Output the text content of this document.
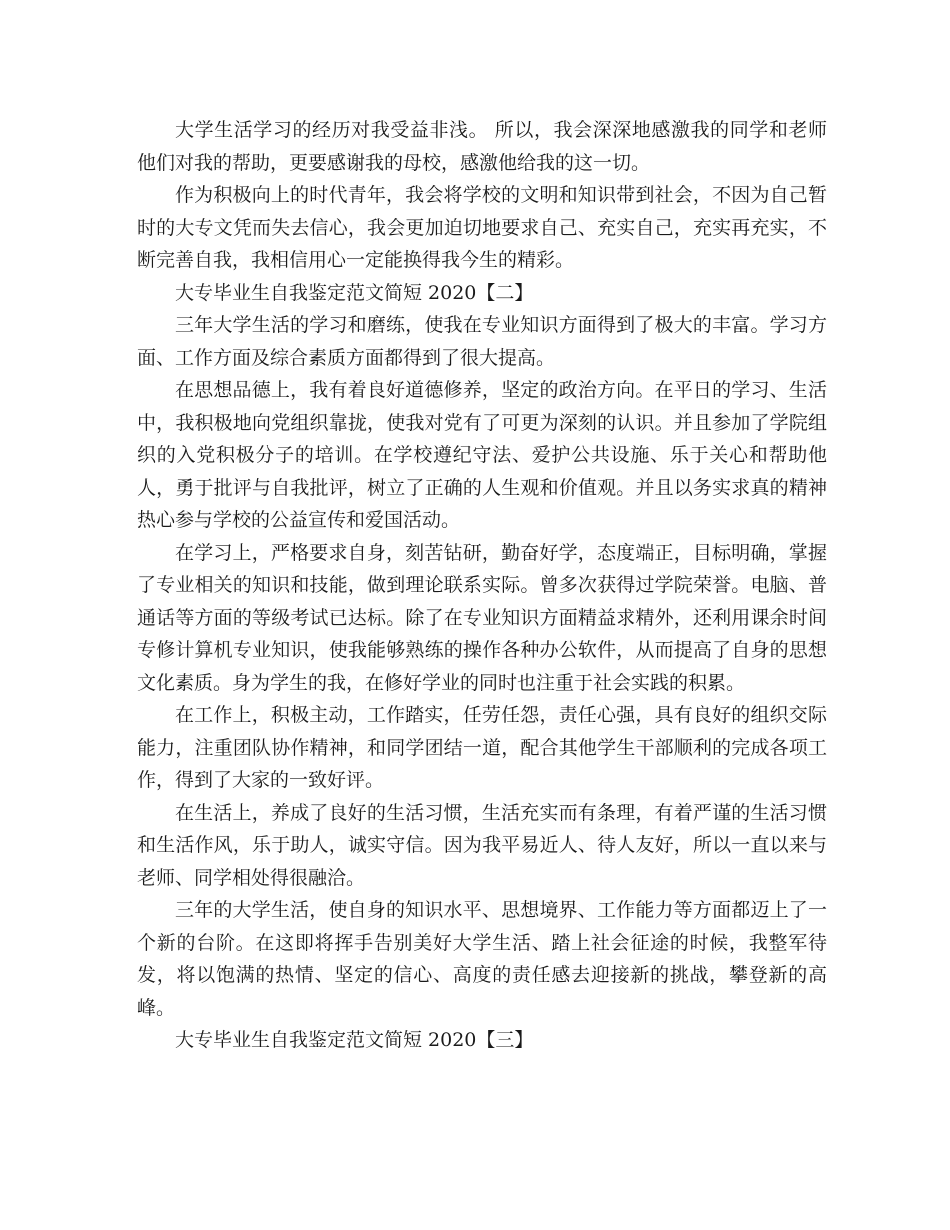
大学生活学习的经历对我受益非浅。 所以，我会深深地感激我的同学和老师他们对我的帮助，更要感谢我的母校，感激他给我的这一切。

作为积极向上的时代青年，我会将学校的文明和知识带到社会，不因为自己暂时的大专文凭而失去信心，我会更加迫切地要求自己、充实自己，充实再充实，不断完善自我，我相信用心一定能换得我今生的精彩。

大专毕业生自我鉴定范文简短 2020【二】

三年大学生活的学习和磨练，使我在专业知识方面得到了极大的丰富。学习方面、工作方面及综合素质方面都得到了很大提高。

在思想品德上，我有着良好道德修养，坚定的政治方向。在平日的学习、生活中，我积极地向党组织靠拢，使我对党有了可更为深刻的认识。并且参加了学院组织的入党积极分子的培训。在学校遵纪守法、爱护公共设施、乐于关心和帮助他人，勇于批评与自我批评，树立了正确的人生观和价值观。并且以务实求真的精神热心参与学校的公益宣传和爱国活动。

在学习上，严格要求自身，刻苦钻研，勤奋好学，态度端正，目标明确，掌握了专业相关的知识和技能，做到理论联系实际。曾多次获得过学院荣誉。电脑、普通话等方面的等级考试已达标。除了在专业知识方面精益求精外，还利用课余时间专修计算机专业知识，使我能够熟练的操作各种办公软件，从而提高了自身的思想文化素质。身为学生的我，在修好学业的同时也注重于社会实践的积累。

在工作上，积极主动，工作踏实，任劳任怨，责任心强，具有良好的组织交际能力，注重团队协作精神，和同学团结一道，配合其他学生干部顺利的完成各项工作，得到了大家的一致好评。

在生活上，养成了良好的生活习惯，生活充实而有条理，有着严谨的生活习惯和生活作风，乐于助人，诚实守信。因为我平易近人、待人友好，所以一直以来与老师、同学相处得很融洽。

三年的大学生活，使自身的知识水平、思想境界、工作能力等方面都迈上了一个新的台阶。在这即将挥手告别美好大学生活、踏上社会征途的时候，我整军待发，将以饱满的热情、坚定的信心、高度的责任感去迎接新的挑战，攀登新的高峰。

大专毕业生自我鉴定范文简短 2020【三】
